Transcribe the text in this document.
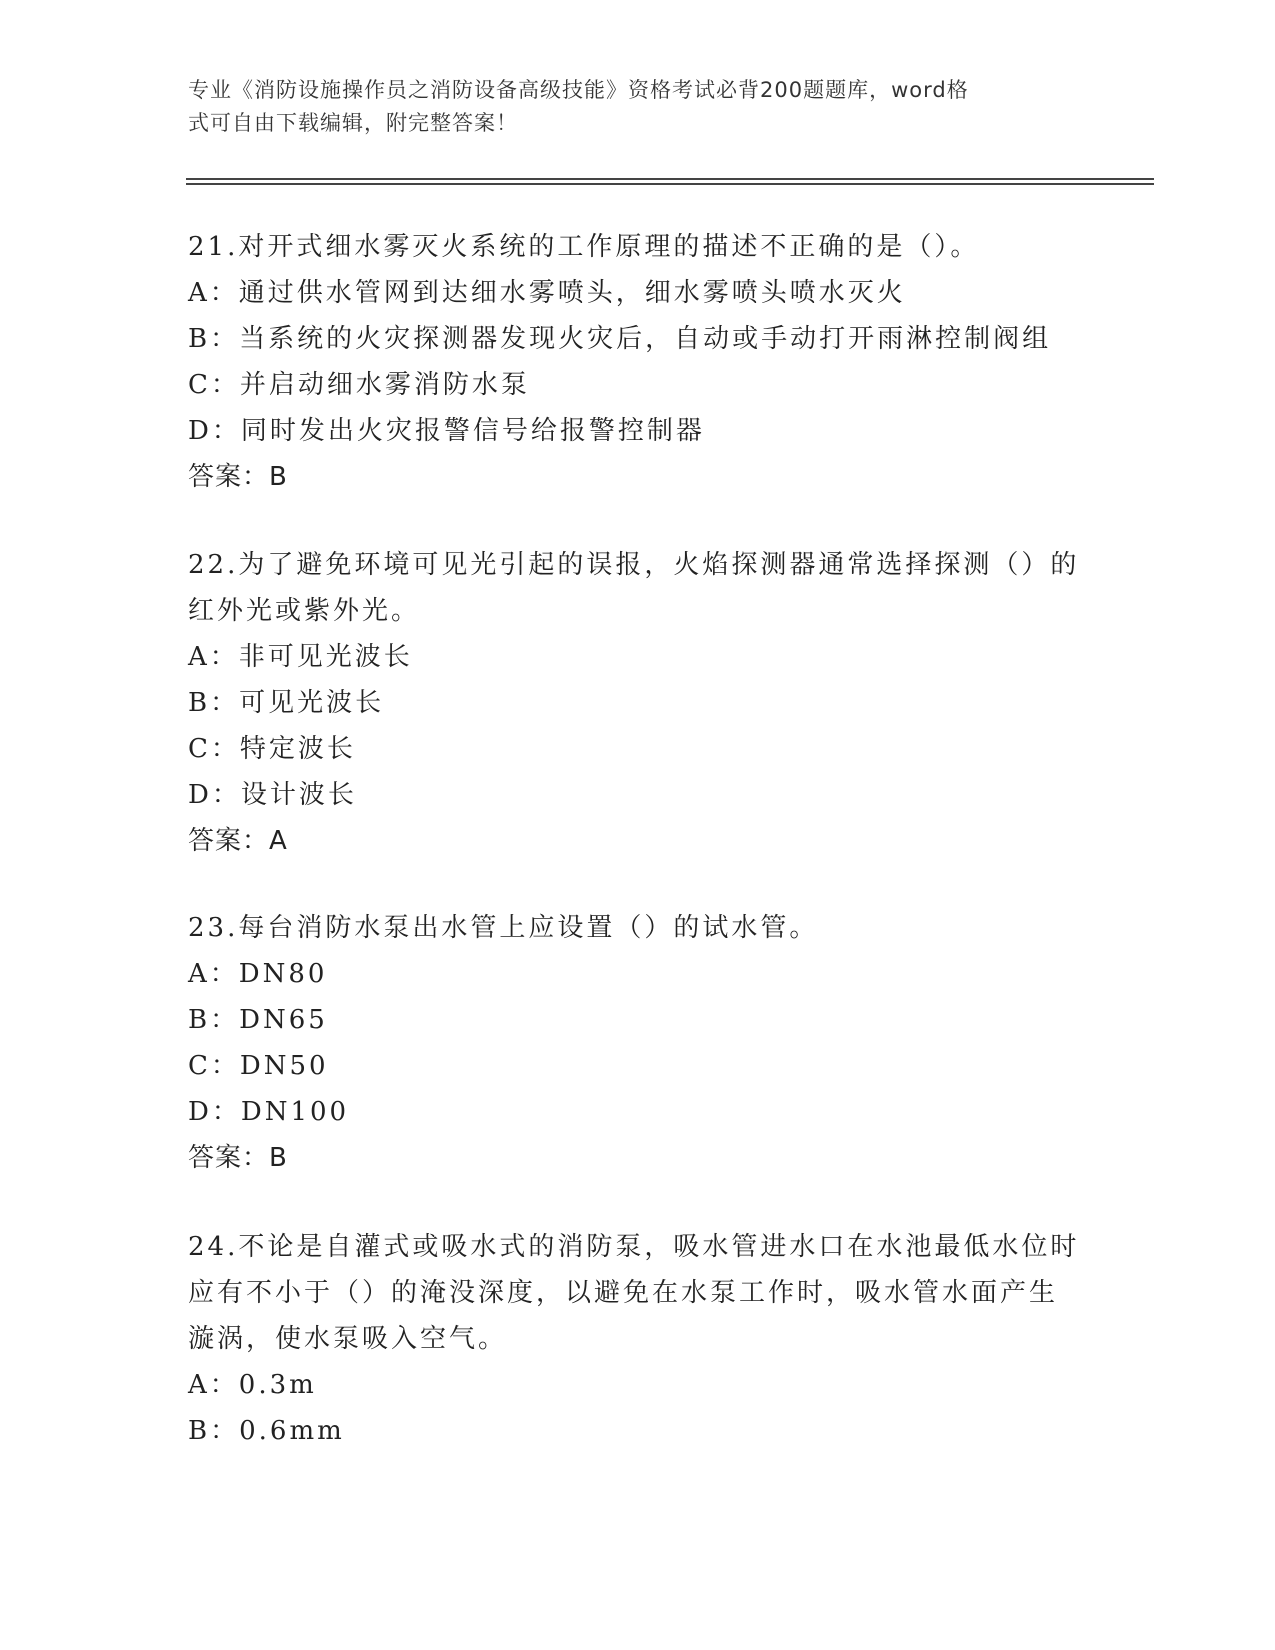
专业《消防设施操作员之消防设备高级技能》资格考试必背200题题库，word格
式可自由下载编辑，附完整答案！
21.对开式细水雾灭火系统的工作原理的描述不正确的是（）。
A：通过供水管网到达细水雾喷头，细水雾喷头喷水灭火
B：当系统的火灾探测器发现火灾后，自动或手动打开雨淋控制阀组
C：并启动细水雾消防水泵
D：同时发出火灾报警信号给报警控制器
答案：B
22.为了避免环境可见光引起的误报，火焰探测器通常选择探测（）的
红外光或紫外光。
A：非可见光波长
B：可见光波长
C：特定波长
D：设计波长
答案：A
23.每台消防水泵出水管上应设置（）的试水管。
A：DN80
B：DN65
C：DN50
D：DN100
答案：B
24.不论是自灌式或吸水式的消防泵，吸水管进水口在水池最低水位时
应有不小于（）的淹没深度，以避免在水泵工作时，吸水管水面产生
漩涡，使水泵吸入空气。
A：0.3m
B：0.6mm
